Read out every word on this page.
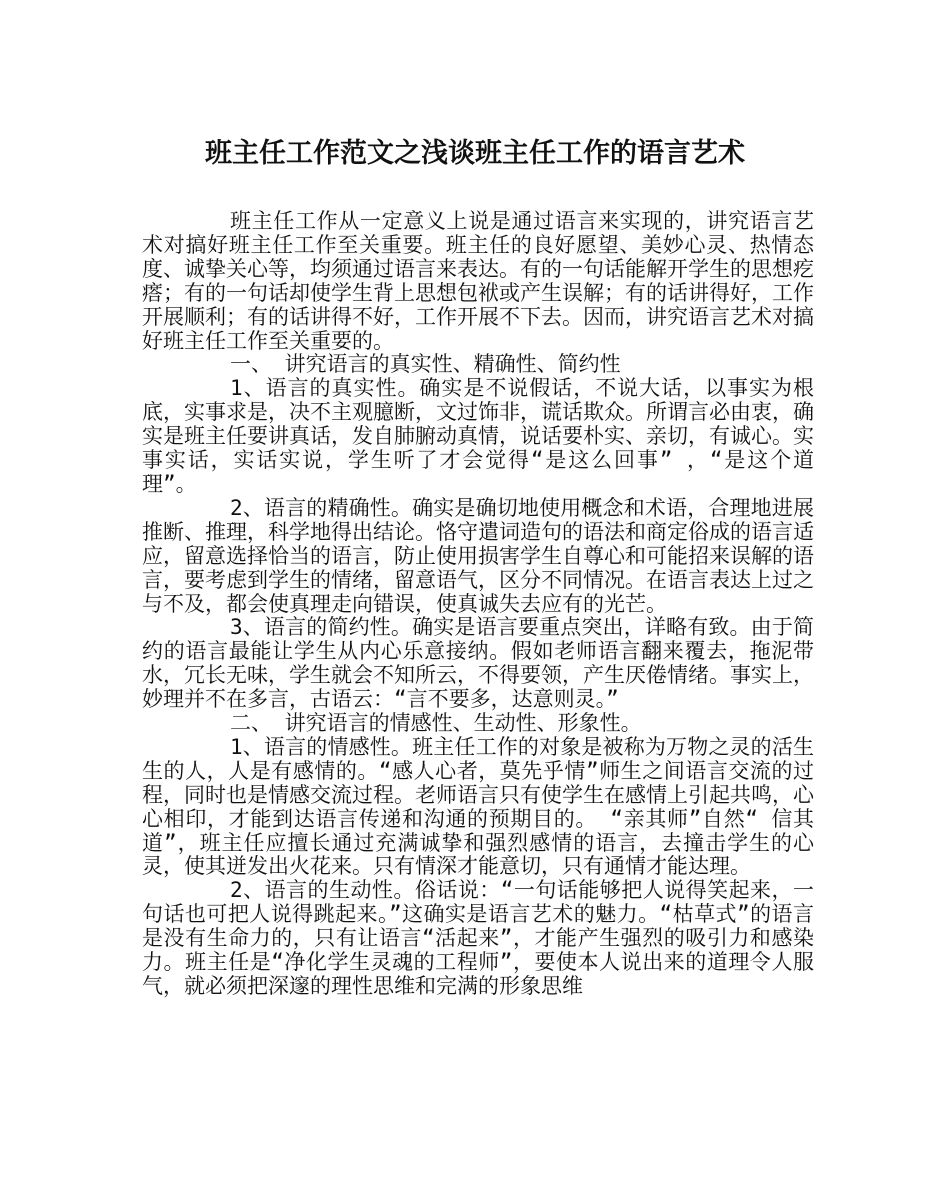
班主任工作范文之浅谈班主任工作的语言艺术

班主任工作从一定意义上说是通过语言来实现的，讲究语言艺术对搞好班主任工作至关重要。班主任的良好愿望、美妙心灵、热情态度、诚挚关心等，均须通过语言来表达。有的一句话能解开学生的思想疙瘩；有的一句话却使学生背上思想包袱或产生误解；有的话讲得好，工作开展顺利；有的话讲得不好，工作开展不下去。因而，讲究语言艺术对搞好班主任工作至关重要的。

一、 讲究语言的真实性、精确性、简约性

1、语言的真实性。确实是不说假话，不说大话，以事实为根底，实事求是，决不主观臆断，文过饰非，谎话欺众。所谓言必由衷，确实是班主任要讲真话，发自肺腑动真情，说话要朴实、亲切，有诚心。实事实话，实话实说，学生听了才会觉得“是这么回事” ，“是这个道理”。

2、语言的精确性。确实是确切地使用概念和术语，合理地进展推断、推理，科学地得出结论。恪守遣词造句的语法和商定俗成的语言适应，留意选择恰当的语言，防止使用损害学生自尊心和可能招来误解的语言，要考虑到学生的情绪，留意语气，区分不同情况。在语言表达上过之与不及，都会使真理走向错误，使真诚失去应有的光芒。

3、语言的简约性。确实是语言要重点突出，详略有致。由于简约的语言最能让学生从内心乐意接纳。假如老师语言翻来覆去，拖泥带水，冗长无味，学生就会不知所云，不得要领，产生厌倦情绪。事实上，妙理并不在多言，古语云：“言不要多，达意则灵。”

二、 讲究语言的情感性、生动性、形象性。

1、语言的情感性。班主任工作的对象是被称为万物之灵的活生生的人，人是有感情的。“感人心者，莫先乎情”师生之间语言交流的过程，同时也是情感交流过程。老师语言只有使学生在感情上引起共鸣，心心相印，才能到达语言传递和沟通的预期目的。 “亲其师”自然“ 信其道”，班主任应擅长通过充满诚挚和强烈感情的语言，去撞击学生的心灵，使其迸发出火花来。只有情深才能意切，只有通情才能达理。

2、语言的生动性。俗话说：“一句话能够把人说得笑起来，一句话也可把人说得跳起来。”这确实是语言艺术的魅力。“枯草式”的语言是没有生命力的，只有让语言“活起来”，才能产生强烈的吸引力和感染力。班主任是“净化学生灵魂的工程师”，要使本人说出来的道理令人服气，就必须把深邃的理性思维和完满的形象思维
